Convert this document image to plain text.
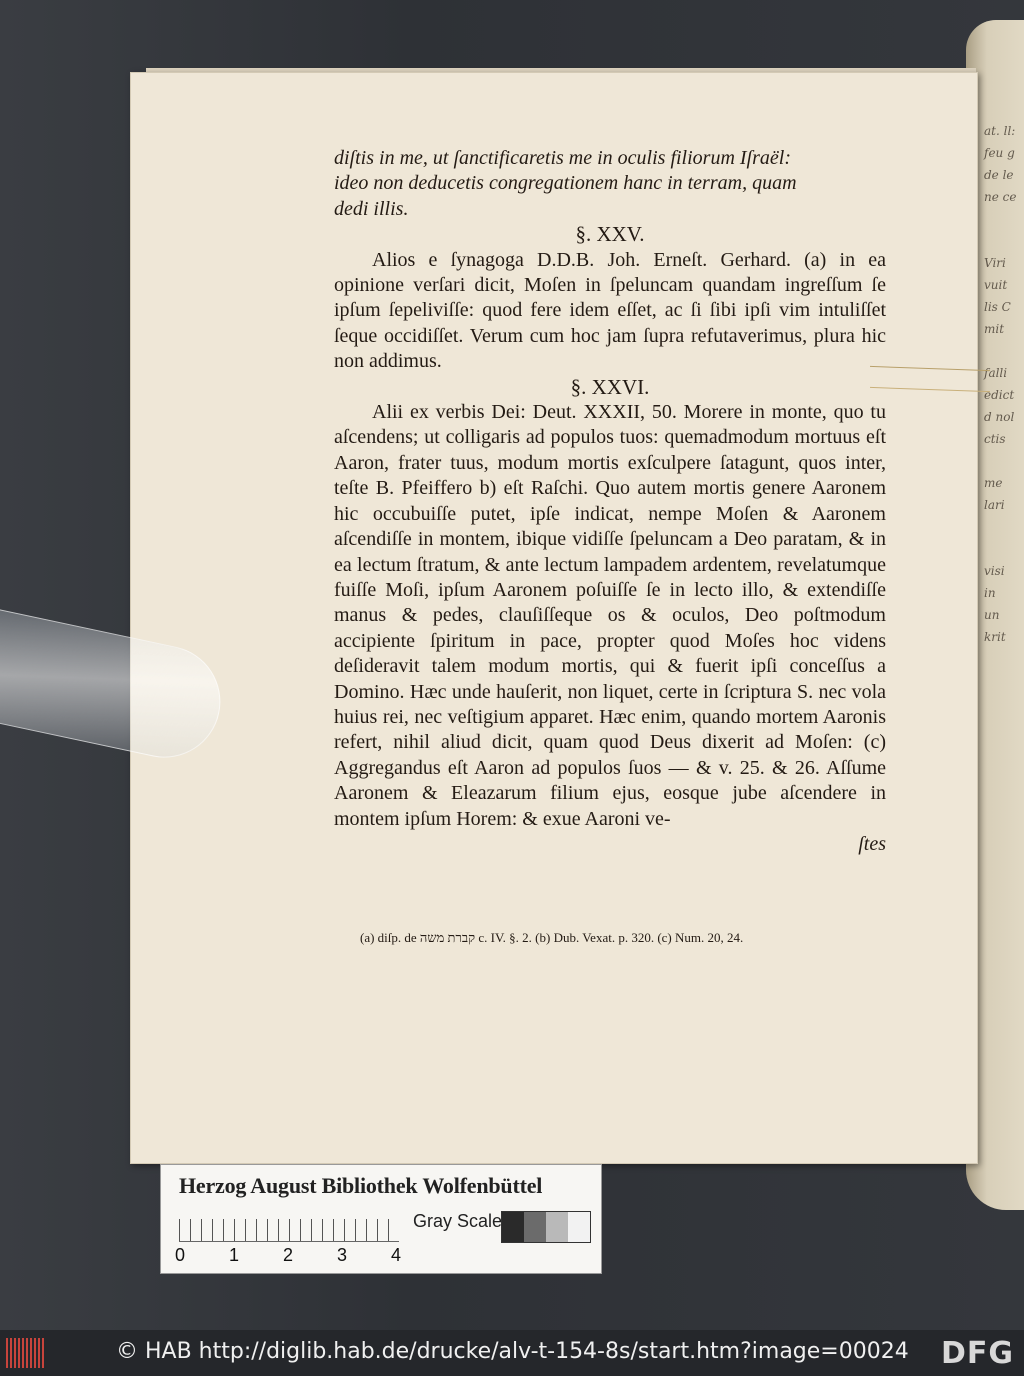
at. ll:
feu g
de le
ne ce

Viri
vuit
lis C
mit

falli
edict
d nol
ctis

me
lari

visi
in
un
krit

diſtis in me, ut ſanctificaretis me in oculis filiorum Iſraël:

ideo non deducetis congregationem hanc in terram, quam

dedi illis.

§. XXV.

Alios e ſynagoga D.D.B. Joh. Erneſt. Gerhard. (a) in ea opinione verſari dicit, Moſen in ſpeluncam quandam ingreſſum ſe ipſum ſepeliviſſe: quod fere idem eſſet, ac ſi ſibi ipſi vim intuliſſet ſeque occidiſſet. Verum cum hoc jam ſupra refutaverimus, plura hic non addimus.

§. XXVI.

Alii ex verbis Dei: Deut. XXXII, 50. Morere in monte, quo tu aſcendens; ut colligaris ad populos tuos: quemadmodum mortuus eſt Aaron, frater tuus, modum mortis exſculpere ſatagunt, quos inter, teſte B. Pfeiffero b) eſt Raſchi. Quo autem mortis genere Aaronem hic occubuiſſe putet, ipſe indicat, nempe Moſen & Aaronem aſcendiſſe in montem, ibique vidiſſe ſpeluncam a Deo paratam, & in ea lectum ſtratum, & ante lectum lampadem ardentem, revelatumque fuiſſe Moſi, ipſum Aaronem poſuiſſe ſe in lecto illo, & extendiſſe manus & pedes, clauſiſſeque os & oculos, Deo poſtmodum accipiente ſpiritum in pace, propter quod Moſes hoc videns deſideravit talem modum mortis, qui & fuerit ipſi conceſſus a Domino. Hæc unde hauſerit, non liquet, certe in ſcriptura S. nec vola huius rei, nec veſtigium apparet. Hæc enim, quando mortem Aaronis refert, nihil aliud dicit, quam quod Deus dixerit ad Moſen: (c) Aggregandus eſt Aaron ad populos ſuos — & v. 25. & 26. Aſſume Aaronem & Eleazarum filium ejus, eosque jube aſcendere in montem ipſum Horem: & exue Aaroni ve-

ſtes

(a) diſp. de קברת משה c. IV. §. 2. (b) Dub. Vexat. p. 320. (c) Num. 20, 24.
Herzog August Bibliothek Wolfenbüttel
0 1 2 3 4
Gray Scale
© HAB http://diglib.hab.de/drucke/alv-t-154-8s/start.htm?image=00024 DFG
